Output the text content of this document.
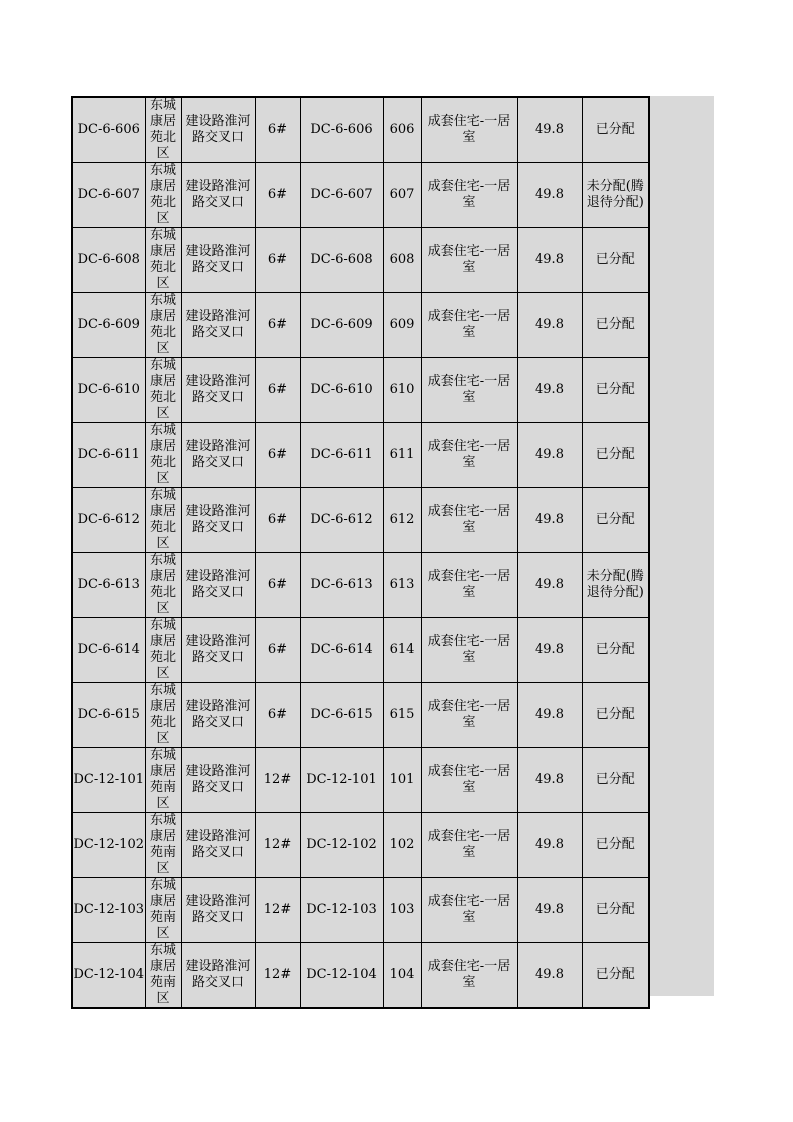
DC-6-606	东城康居苑北区	建设路淮河路交叉口	6#	DC-6-606	606	成套住宅-一居室	49.8	已分配
DC-6-607	东城康居苑北区	建设路淮河路交叉口	6#	DC-6-607	607	成套住宅-一居室	49.8	未分配(腾退待分配)
DC-6-608	东城康居苑北区	建设路淮河路交叉口	6#	DC-6-608	608	成套住宅-一居室	49.8	已分配
DC-6-609	东城康居苑北区	建设路淮河路交叉口	6#	DC-6-609	609	成套住宅-一居室	49.8	已分配
DC-6-610	东城康居苑北区	建设路淮河路交叉口	6#	DC-6-610	610	成套住宅-一居室	49.8	已分配
DC-6-611	东城康居苑北区	建设路淮河路交叉口	6#	DC-6-611	611	成套住宅-一居室	49.8	已分配
DC-6-612	东城康居苑北区	建设路淮河路交叉口	6#	DC-6-612	612	成套住宅-一居室	49.8	已分配
DC-6-613	东城康居苑北区	建设路淮河路交叉口	6#	DC-6-613	613	成套住宅-一居室	49.8	未分配(腾退待分配)
DC-6-614	东城康居苑北区	建设路淮河路交叉口	6#	DC-6-614	614	成套住宅-一居室	49.8	已分配
DC-6-615	东城康居苑北区	建设路淮河路交叉口	6#	DC-6-615	615	成套住宅-一居室	49.8	已分配
DC-12-101	东城康居苑南区	建设路淮河路交叉口	12#	DC-12-101	101	成套住宅-一居室	49.8	已分配
DC-12-102	东城康居苑南区	建设路淮河路交叉口	12#	DC-12-102	102	成套住宅-一居室	49.8	已分配
DC-12-103	东城康居苑南区	建设路淮河路交叉口	12#	DC-12-103	103	成套住宅-一居室	49.8	已分配
DC-12-104	东城康居苑南区	建设路淮河路交叉口	12#	DC-12-104	104	成套住宅-一居室	49.8	已分配
